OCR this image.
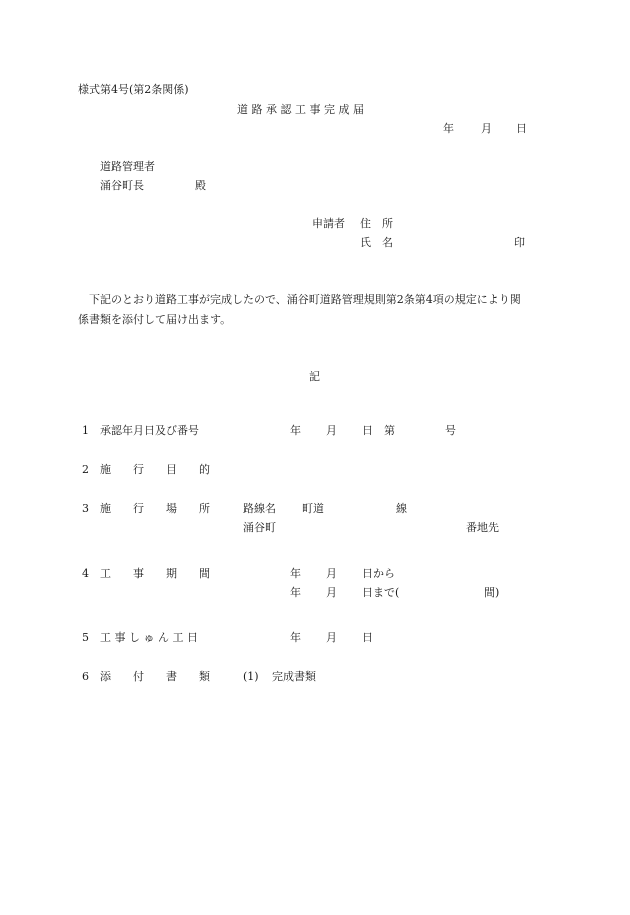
様式第4号(第2条関係)
道 路 承 認 工 事 完 成 届
年 月 日
道路管理者
涌谷町長	殿
申請者 住　所
氏　名	印
下記のとおり道路工事が完成したので、涌谷町道路管理規則第2条第4項の規定により関
係書類を添付して届け出ます。
記
1 承認年月日及び番号	年 月 日 第	号
2 施　　行　　目　　的
3 施　　行　　場　　所	路線名 町道	線
涌谷町	番地先
4 工　　事　　期　　間	年 月 日から
年 月 日まで(	間)
5 工 事 し ゅ ん 工 日	年 月 日
6 添　　付　　書　　類	(1) 完成書類
